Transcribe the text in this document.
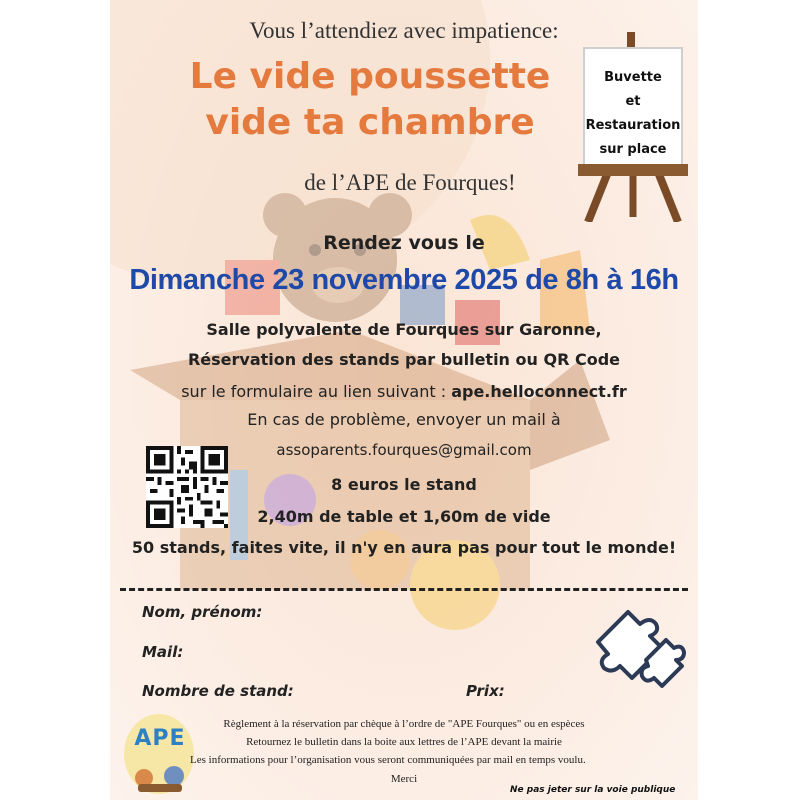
Vous l’attendiez avec impatience:
Le vide poussette
vide ta chambre
de l’APE de Fourques!
Buvette
et
Restauration
sur place
Rendez vous le
Dimanche 23 novembre 2025 de 8h à 16h
Salle polyvalente de Fourques sur Garonne,
Réservation des stands par bulletin ou QR Code
sur le formulaire au lien suivant : ape.helloconnect.fr
En cas de problème, envoyer un mail à
assoparents.fourques@gmail.com
8 euros le stand
2,40m de table et 1,60m de vide
50 stands, faites vite, il n'y en aura pas pour tout le monde!
Nom, prénom:
Mail:
Nombre de stand:	Prix:
APE
Règlement à la réservation par chèque à l’ordre de "APE Fourques" ou en espèces
Retournez le bulletin dans la boite aux lettres de l’APE devant la mairie
Les informations pour l’organisation vous seront communiquées par mail en temps voulu.
Merci
Ne pas jeter sur la voie publique
